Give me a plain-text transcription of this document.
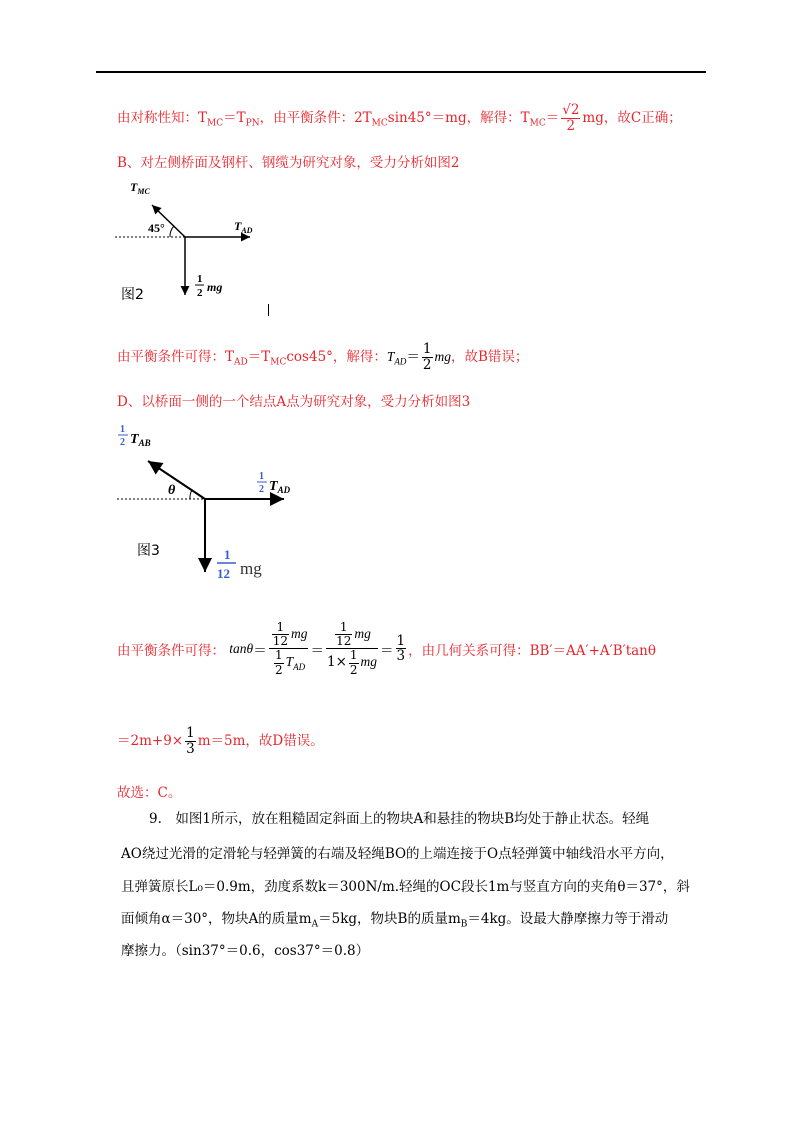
由对称性知：$T_{MC}=T_{PN}$，由平衡条件：$2T_{MC}\sin 45^\circ=mg$，解得：$T_{MC}= \frac{√2}{2}$ mg，故C正确；
B、对左侧桥面及钢杆、钢缆为研究对象，受力分析如图2
$T_{MC}$
45°	$T_{AD}$
1
2 mg
图2
由平衡条件可得：$T_{AD}=T_{MC}\cos 45^\circ$，解得：$T_{AD}= \frac{1}{2}$ mg，故B错误；
D、以桥面一侧的一个结点A点为研究对象，受力分析如图3
1
2 $T_{AB}$
θ
1
2 $T_{AD}$
1
12 mg
图3
由平衡条件可得： $\tan\theta= \frac{\frac{1}{12} mg}{\frac{1}{2} T_{AD}} = \frac{\frac{1}{12} mg}{1\times \frac{1}{2} mg} = \frac{1}{3}$ ，由几何关系可得：BB′＝AA′+A′B′tanθ
$=2m+9\times \frac{1}{3} m=5m$，故D错误。
故选：C。
9.　如图1所示，放在粗糙固定斜面上的物块A和悬挂的物块B均处于静止状态。轻绳
AO绕过光滑的定滑轮与轻弹簧的右端及轻绳BO的上端连接于O点轻弹簧中轴线沿水平方向，
且弹簧原长L₀＝0.9m，劲度系数k＝300N/m.轻绳的OC段长1m与竖直方向的夹角θ＝37°，斜
面倾角α＝30°，物块A的质量$m_A=5kg$，物块B的质量$m_B=4kg$。设最大静摩擦力等于滑动
摩擦力。（sin37°＝0.6，cos37°＝0.8）
